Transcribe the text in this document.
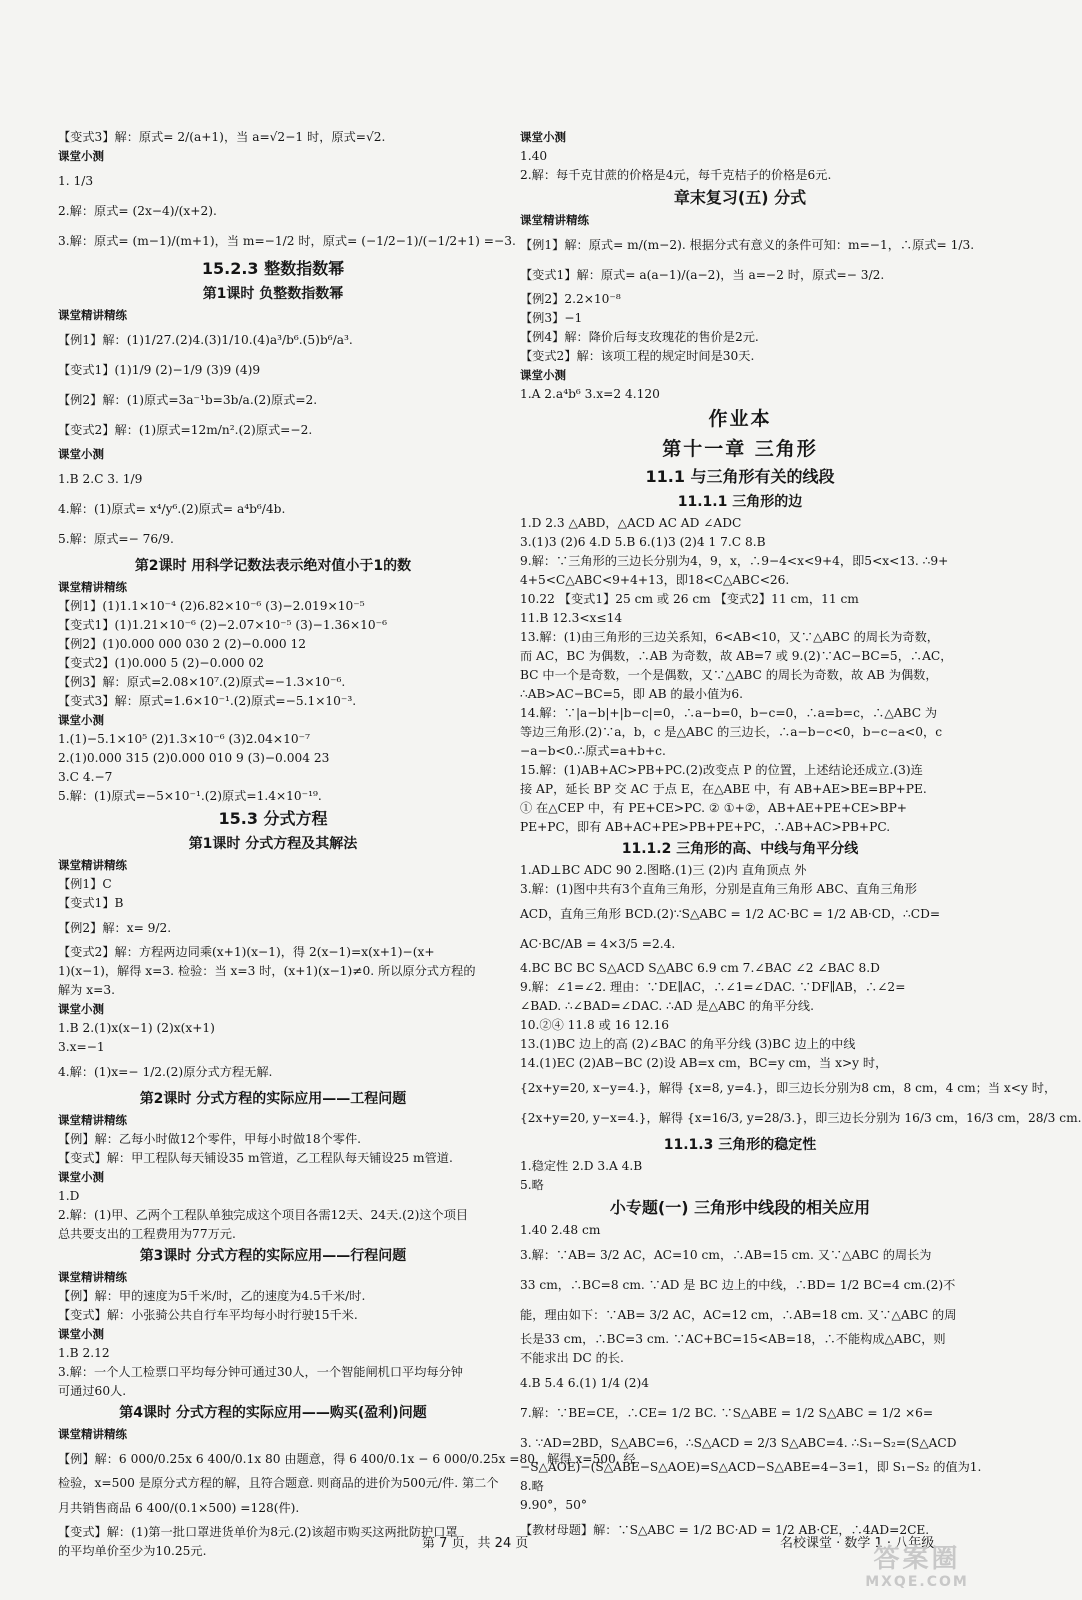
【变式3】解：原式= 2/(a+1)，当 a=√2−1 时，原式=√2.
课堂小测
1. 1/3
2.解：原式= (2x−4)/(x+2).
3.解：原式= (m−1)/(m+1)，当 m=−1/2 时，原式= (−1/2−1)/(−1/2+1) =−3.
15.2.3 整数指数幂
第1课时 负整数指数幂
课堂精讲精练
【例1】解：(1)1/27.(2)4.(3)1/10.(4)a³/b⁶.(5)b⁶/a³.
【变式1】(1)1/9 (2)−1/9 (3)9 (4)9
【例2】解：(1)原式=3a⁻¹b=3b/a.(2)原式=2.
【变式2】解：(1)原式=12m/n².(2)原式=−2.
课堂小测
1.B 2.C 3. 1/9
4.解：(1)原式= x⁴/y⁶.(2)原式= a⁴b⁶/4b.
5.解：原式=− 76/9.
第2课时 用科学记数法表示绝对值小于1的数
课堂精讲精练
【例1】(1)1.1×10⁻⁴ (2)6.82×10⁻⁶ (3)−2.019×10⁻⁵
【变式1】(1)1.21×10⁻⁶ (2)−2.07×10⁻⁵ (3)−1.36×10⁻⁶
【例2】(1)0.000 000 030 2 (2)−0.000 12
【变式2】(1)0.000 5 (2)−0.000 02
【例3】解：原式=2.08×10⁷.(2)原式=−1.3×10⁻⁶.
【变式3】解：原式=1.6×10⁻¹.(2)原式=−5.1×10⁻³.
课堂小测
1.(1)−5.1×10⁵ (2)1.3×10⁻⁶ (3)2.04×10⁻⁷
2.(1)0.000 315 (2)0.000 010 9 (3)−0.004 23
3.C 4.−7
5.解：(1)原式=−5×10⁻¹.(2)原式=1.4×10⁻¹⁹.
15.3 分式方程
第1课时 分式方程及其解法
课堂精讲精练
【例1】C
【变式1】B
【例2】解：x= 9/2.
【变式2】解：方程两边同乘(x+1)(x−1)，得 2(x−1)=x(x+1)−(x+
1)(x−1)，解得 x=3. 检验：当 x=3 时，(x+1)(x−1)≠0. 所以原分式方程的
解为 x=3.
课堂小测
1.B 2.(1)x(x−1) (2)x(x+1)
3.x=−1
4.解：(1)x=− 1/2.(2)原分式方程无解.
第2课时 分式方程的实际应用——工程问题
课堂精讲精练
【例】解：乙每小时做12个零件，甲每小时做18个零件.
【变式】解：甲工程队每天铺设35 m管道，乙工程队每天铺设25 m管道.
课堂小测
1.D
2.解：(1)甲、乙两个工程队单独完成这个项目各需12天、24天.(2)这个项目
总共要支出的工程费用为77万元.
第3课时 分式方程的实际应用——行程问题
课堂精讲精练
【例】解：甲的速度为5千米/时，乙的速度为4.5千米/时.
【变式】解：小张骑公共自行车平均每小时行驶15千米.
课堂小测
1.B 2.12
3.解：一个人工检票口平均每分钟可通过30人，一个智能闸机口平均每分钟
可通过60人.
第4课时 分式方程的实际应用——购买(盈利)问题
课堂精讲精练
【例】解：6 000/0.25x 6 400/0.1x 80 由题意，得 6 400/0.1x − 6 000/0.25x =80，解得 x=500. 经
检验，x=500 是原分式方程的解，且符合题意. 则商品的进价为500元/件. 第二个
月共销售商品 6 400/(0.1×500) =128(件).
【变式】解：(1)第一批口罩进货单价为8元.(2)该超市购买这两批防护口罩
的平均单价至少为10.25元.
课堂小测
1.40
2.解：每千克甘蔗的价格是4元，每千克桔子的价格是6元.
章末复习(五) 分式
课堂精讲精练
【例1】解：原式= m/(m−2). 根据分式有意义的条件可知：m=−1，∴原式= 1/3.
【变式1】解：原式= a(a−1)/(a−2)，当 a=−2 时，原式=− 3/2.
【例2】2.2×10⁻⁸
【例3】−1
【例4】解：降价后每支玫瑰花的售价是2元.
【变式2】解：该项工程的规定时间是30天.
课堂小测
1.A 2.a⁴b⁶ 3.x=2 4.120
作业本
第十一章 三角形
11.1 与三角形有关的线段
11.1.1 三角形的边
1.D 2.3 △ABD，△ACD AC AD ∠ADC
3.(1)3 (2)6 4.D 5.B 6.(1)3 (2)4 1 7.C 8.B
9.解：∵三角形的三边长分别为4，9，x，∴9−4<x<9+4，即5<x<13. ∴9+
4+5<C△ABC<9+4+13，即18<C△ABC<26.
10.22 【变式1】25 cm 或 26 cm 【变式2】11 cm，11 cm
11.B 12.3<x≤14
13.解：(1)由三角形的三边关系知，6<AB<10，又∵△ABC 的周长为奇数，
而 AC，BC 为偶数，∴AB 为奇数，故 AB=7 或 9.(2)∵AC−BC=5，∴AC，
BC 中一个是奇数，一个是偶数，又∵△ABC 的周长为奇数，故 AB 为偶数，
∴AB>AC−BC=5，即 AB 的最小值为6.
14.解：∵|a−b|+|b−c|=0，∴a−b=0，b−c=0，∴a=b=c，∴△ABC 为
等边三角形.(2)∵a，b，c 是△ABC 的三边长，∴a−b−c<0，b−c−a<0，c
−a−b<0.∴原式=a+b+c.
15.解：(1)AB+AC>PB+PC.(2)改变点 P 的位置，上述结论还成立.(3)连
接 AP，延长 BP 交 AC 于点 E，在△ABE 中，有 AB+AE>BE=BP+PE.
① 在△CEP 中，有 PE+CE>PC. ② ①+②，AB+AE+PE+CE>BP+
PE+PC，即有 AB+AC+PE>PB+PE+PC，∴AB+AC>PB+PC.
11.1.2 三角形的高、中线与角平分线
1.AD⊥BC ADC 90 2.图略.(1)三 (2)内 直角顶点 外
3.解：(1)图中共有3个直角三角形，分别是直角三角形 ABC、直角三角形
ACD，直角三角形 BCD.(2)∵S△ABC = 1/2 AC·BC = 1/2 AB·CD，∴CD=
AC·BC/AB = 4×3/5 =2.4.
4.BC BC BC S△ACD S△ABC 6.9 cm 7.∠BAC ∠2 ∠BAC 8.D
9.解：∠1=∠2. 理由：∵DE∥AC，∴∠1=∠DAC. ∵DF∥AB，∴∠2=
∠BAD. ∴∠BAD=∠DAC. ∴AD 是△ABC 的角平分线.
10.②④ 11.8 或 16 12.16
13.(1)BC 边上的高 (2)∠BAC 的角平分线 (3)BC 边上的中线
14.(1)EC (2)AB−BC (2)设 AB=x cm，BC=y cm，当 x>y 时，
{2x+y=20, x−y=4.}，解得 {x=8, y=4.}，即三边长分别为8 cm，8 cm，4 cm；当 x<y 时，
{2x+y=20, y−x=4.}，解得 {x=16/3, y=28/3.}，即三边长分别为 16/3 cm，16/3 cm，28/3 cm.
11.1.3 三角形的稳定性
1.稳定性 2.D 3.A 4.B
5.略
小专题(一) 三角形中线段的相关应用
1.40 2.48 cm
3.解：∵AB= 3/2 AC，AC=10 cm，∴AB=15 cm. 又∵△ABC 的周长为
33 cm，∴BC=8 cm. ∵AD 是 BC 边上的中线，∴BD= 1/2 BC=4 cm.(2)不
能，理由如下：∵AB= 3/2 AC，AC=12 cm，∴AB=18 cm. 又∵△ABC 的周
长是33 cm，∴BC=3 cm. ∵AC+BC=15<AB=18，∴不能构成△ABC，则
不能求出 DC 的长.
4.B 5.4 6.(1) 1/4 (2)4
7.解：∵BE=CE，∴CE= 1/2 BC. ∵S△ABE = 1/2 S△ABC = 1/2 ×6=
3. ∵AD=2BD，S△ABC=6，∴S△ACD = 2/3 S△ABC=4. ∴S₁−S₂=(S△ACD
−S△AOE)−(S△ABE−S△AOE)=S△ACD−S△ABE=4−3=1，即 S₁−S₂ 的值为1.
8.略
9.90°，50°
【教材母题】解：∵S△ABC = 1/2 BC·AD = 1/2 AB·CE，∴4AD=2CE.
第 7 页，共 24 页	名校课堂 · 数学 1 · 八年级
答案圈
MXQE.COM
